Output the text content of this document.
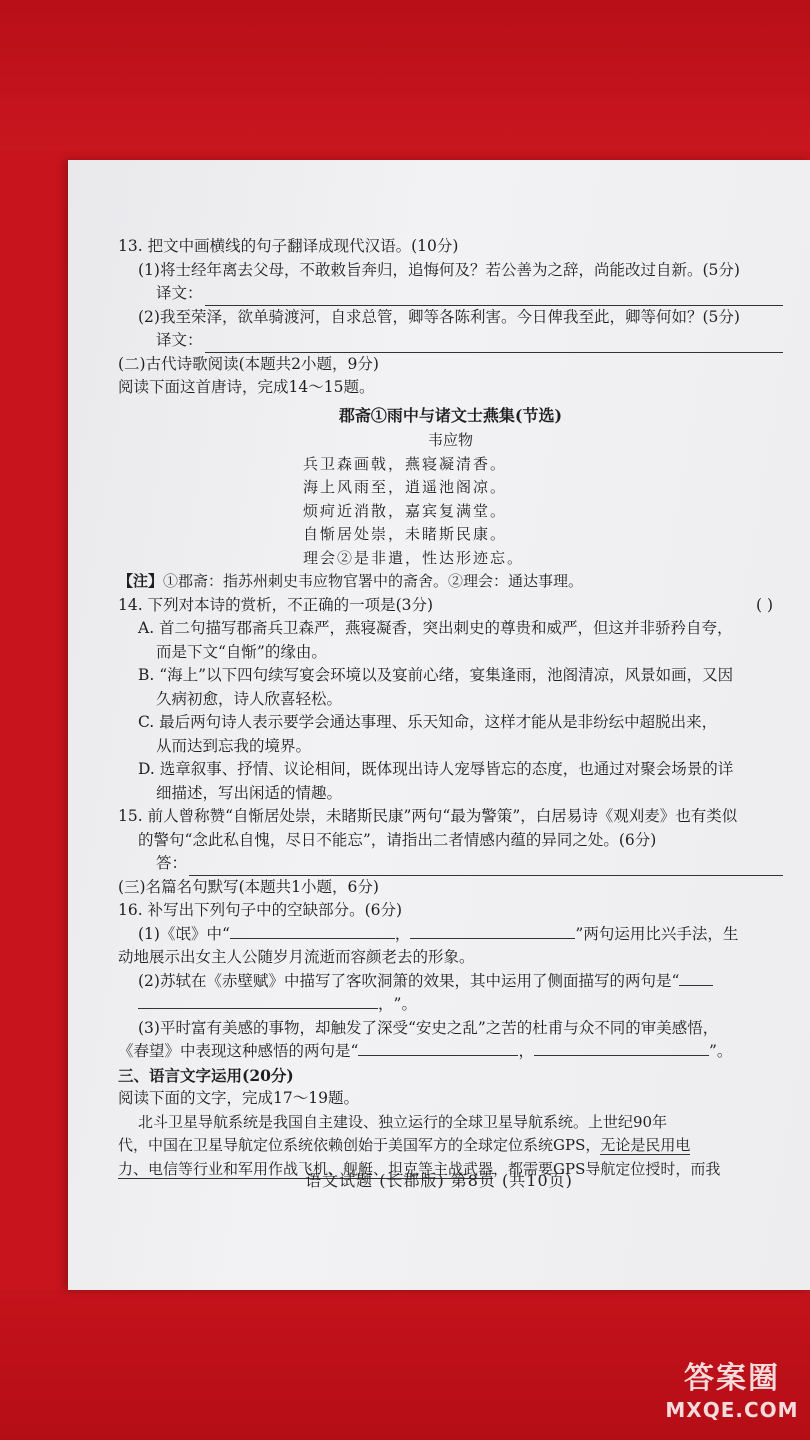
13. 把文中画横线的句子翻译成现代汉语。(10分)
(1)将士经年离去父母，不敢敕旨奔归，追悔何及？若公善为之辞，尚能改过自新。(5分)
译文：
(2)我至荣泽，欲单骑渡河，自求总管，卿等各陈利害。今日俾我至此，卿等何如？(5分)
译文：
(二)古代诗歌阅读(本题共2小题，9分)
阅读下面这首唐诗，完成14～15题。
郡斋①雨中与诸文士燕集(节选)
韦应物
兵卫森画戟，燕寝凝清香。
海上风雨至，逍遥池阁凉。
烦疴近消散，嘉宾复满堂。
自惭居处崇，未睹斯民康。
理会②是非遣，性达形迹忘。
【注】①郡斋：指苏州刺史韦应物官署中的斋舍。②理会：通达事理。
14. 下列对本诗的赏析，不正确的一项是(3分)	( )
A. 首二句描写郡斋兵卫森严，燕寝凝香，突出刺史的尊贵和威严，但这并非骄矜自夸，
而是下文“自惭”的缘由。
B. “海上”以下四句续写宴会环境以及宴前心绪，宴集逢雨，池阁清凉，风景如画，又因
久病初愈，诗人欣喜轻松。
C. 最后两句诗人表示要学会通达事理、乐天知命，这样才能从是非纷纭中超脱出来，
从而达到忘我的境界。
D. 选章叙事、抒情、议论相间，既体现出诗人宠辱皆忘的态度，也通过对聚会场景的详
细描述，写出闲适的情趣。
15. 前人曾称赞“自惭居处崇，未睹斯民康”两句“最为警策”，白居易诗《观刈麦》也有类似
的警句“念此私自愧，尽日不能忘”，请指出二者情感内蕴的异同之处。(6分)
答：
(三)名篇名句默写(本题共1小题，6分)
16. 补写出下列句子中的空缺部分。(6分)
(1)《氓》中“	，	”两句运用比兴手法，生
动地展示出女主人公随岁月流逝而容颜老去的形象。
(2)苏轼在《赤壁赋》中描写了客吹洞箫的效果，其中运用了侧面描写的两句是“
，”。
(3)平时富有美感的事物，却触发了深受“安史之乱”之苦的杜甫与众不同的审美感悟，
《春望》中表现这种感悟的两句是“	，	”。
三、语言文字运用(20分)
阅读下面的文字，完成17～19题。
北斗卫星导航系统是我国自主建设、独立运行的全球卫星导航系统。上世纪90年
代，中国在卫星导航定位系统依赖创始于美国军方的全球定位系统GPS，无论是民用电
力、电信等行业和军用作战飞机、舰艇、坦克等主战武器，都需要GPS导航定位授时，而我
语文试题 (长郡版) 第8页 (共10页)
答案圈
MXQE.COM
